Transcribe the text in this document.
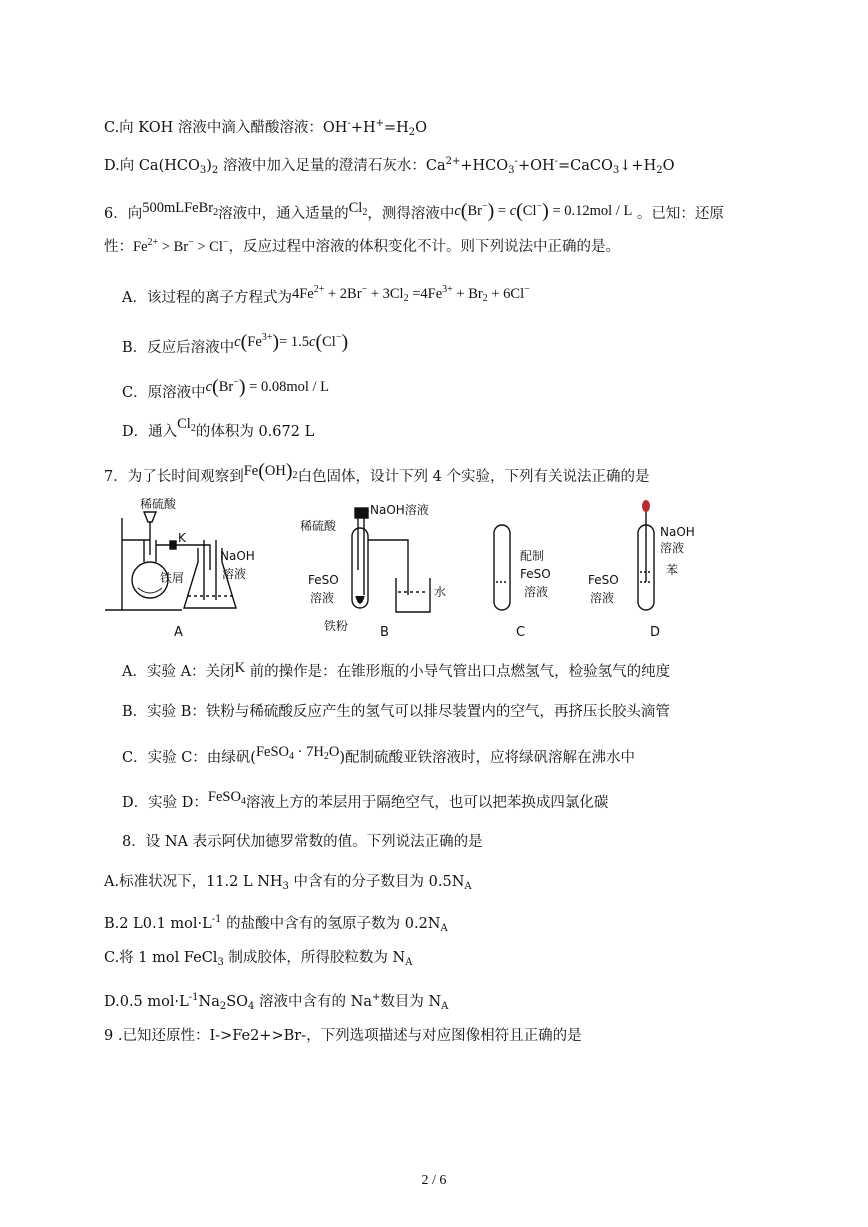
C.向 KOH 溶液中滴入醋酸溶液：$OH^-+H^+=H_2O$
D.向 $Ca(HCO_3)_2$ 溶液中加入足量的澄清石灰水：$Ca^{2+}+HCO_3^-+OH^-=CaCO_3↓+H_2O$
6．向500mLFeBr$_2$溶液中，通入适量的$Cl_2$，测得溶液中c(Br−) = c(Cl−) = 0.12mol / L 。已知：还原
性：$Fe^{2+} > Br^- > Cl^-$，反应过程中溶液的体积变化不计。则下列说法中正确的是。
A．该过程的离子方程式为$4Fe^{2+} + 2Br^- + 3Cl_2 =4Fe^{3+} + Br_2 + 6Cl^-$
B．反应后溶液中$c(Fe^{3+})= 1.5c(Cl^-)$
C．原溶液中c(Br−) = 0.08mol / L
D．通入$Cl_2$的体积为 0.672 L
7．为了长时间观察到$Fe(OH)_2$白色固体，设计下列 4 个实验，下列有关说法正确的是
稀硫酸
K
NaOH
溶液
铁屑
A
稀硫酸
NaOH溶液
FeSO
溶液	水
铁粉 B
配制
FeSO
溶液
C
NaOH
溶液
苯
FeSO
溶液
D
A．实验 A：关闭K 前的操作是：在锥形瓶的小导气管出口点燃氢气，检验氢气的纯度
B．实验 B：铁粉与稀硫酸反应产生的氢气可以排尽装置内的空气，再挤压长胶头滴管
C．实验 C：由绿矾(FeSO$_4$ · $7H_2O$)配制硫酸亚铁溶液时，应将绿矾溶解在沸水中
D．实验 D：FeSO$_4$溶液上方的苯层用于隔绝空气，也可以把苯换成四氯化碳
8．设 NA 表示阿伏加德罗常数的值。下列说法正确的是
A.标准状况下，11.2 L $NH_3$ 中含有的分子数目为 $0.5N_A$
B.2 L0.1 $mol\cdot L^{-1}$ 的盐酸中含有的氢原子数为 $0.2N_A$
C.将 1 mol FeCl$_3$ 制成胶体，所得胶粒数为 $N_A$
D.0.5 $mol\cdot L^{-1}Na_2SO_4$ 溶液中含有的 Na+数目为 $N_A$
9 .已知还原性：I->Fe2+>Br-，下列选项描述与对应图像相符且正确的是
2 / 6
